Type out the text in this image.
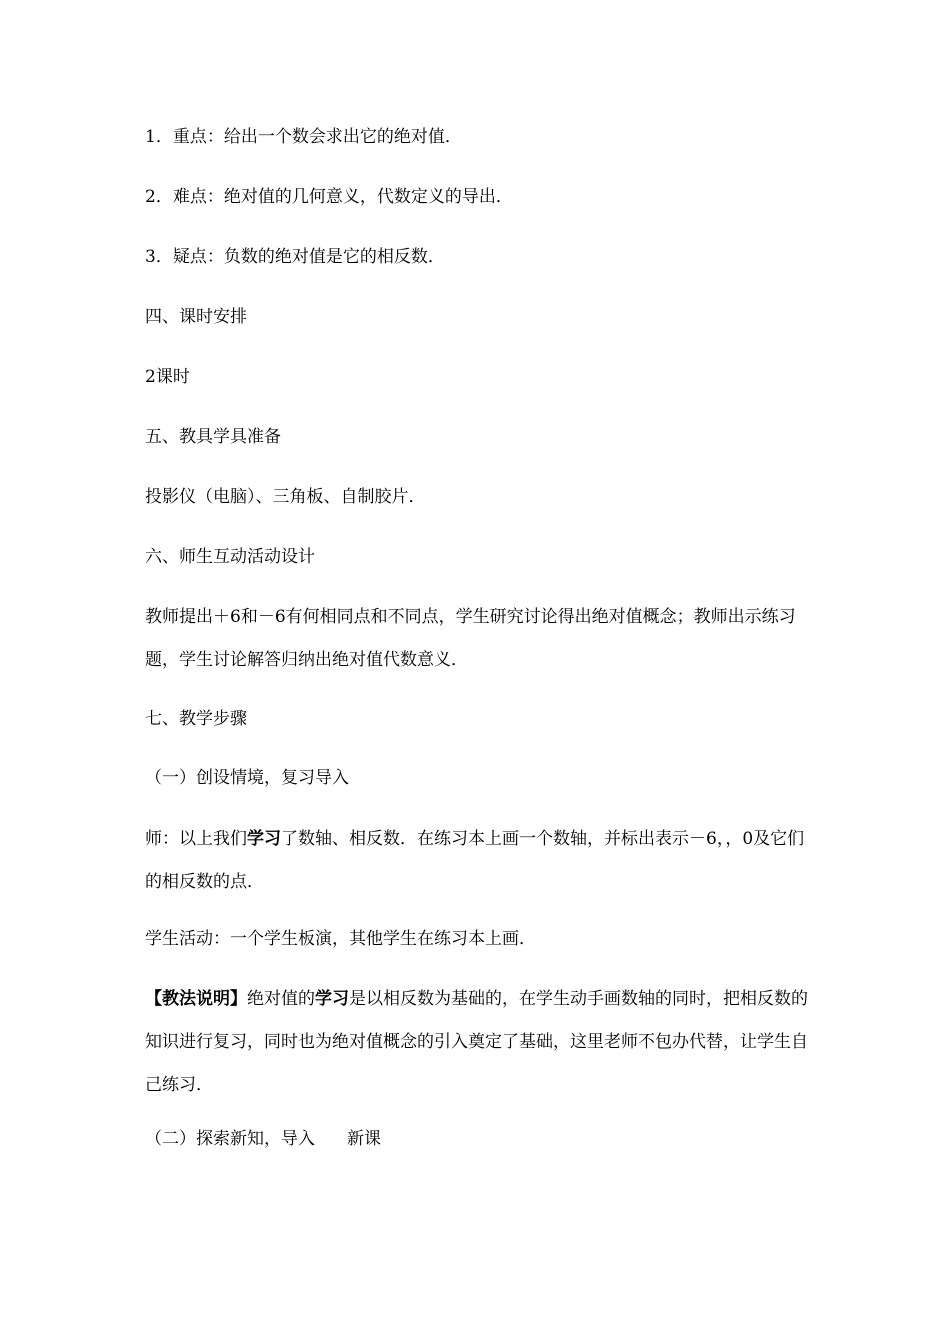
1．重点：给出一个数会求出它的绝对值．

2．难点：绝对值的几何意义，代数定义的导出．

3．疑点：负数的绝对值是它的相反数．

四、课时安排

2课时

五、教具学具准备

投影仪（电脑）、三角板、自制胶片．

六、师生互动活动设计

教师提出＋6和－6有何相同点和不同点，学生研究讨论得出绝对值概念；教师出示练习题，学生讨论解答归纳出绝对值代数意义．

七、教学步骤

（一）创设情境，复习导入

师：以上我们学习了数轴、相反数．在练习本上画一个数轴，并标出表示－6，，0及它们的相反数的点．

学生活动：一个学生板演，其他学生在练习本上画．

【教法说明】绝对值的学习是以相反数为基础的，在学生动手画数轴的同时，把相反数的知识进行复习，同时也为绝对值概念的引入奠定了基础，这里老师不包办代替，让学生自己练习．

（二）探索新知，导入 新课
